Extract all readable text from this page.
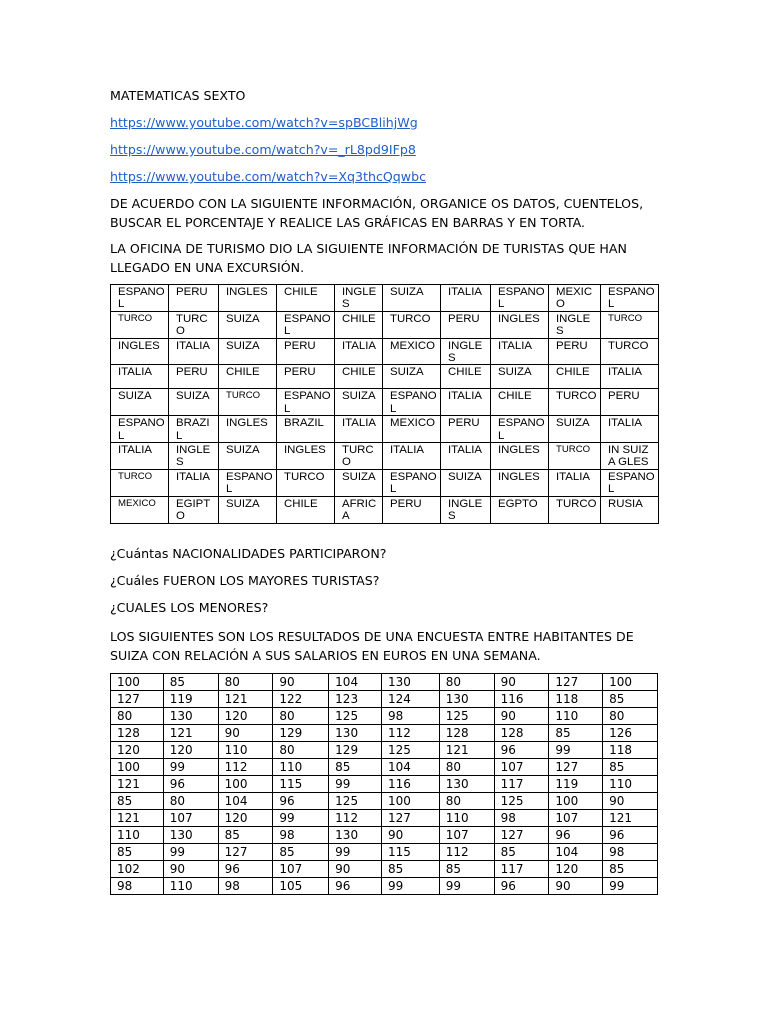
MATEMATICAS SEXTO

https://www.youtube.com/watch?v=spBCBlihjWg

https://www.youtube.com/watch?v=_rL8pd9IFp8

https://www.youtube.com/watch?v=Xq3thcQqwbc

DE ACUERDO CON LA SIGUIENTE INFORMACIÓN, ORGANICE OS DATOS, CUENTELOS, BUSCAR EL PORCENTAJE Y REALICE LAS GRÁFICAS EN BARRAS Y EN TORTA.

LA OFICINA DE TURISMO DIO LA SIGUIENTE INFORMACIÓN DE TURISTAS QUE HAN LLEGADO EN UNA EXCURSIÓN.

ESPANOL	PERU	INGLES	CHILE	INGLES	SUIZA	ITALIA	ESPANOL	MEXICO	ESPANOL
TURCO	TURCO	SUIZA	ESPANOL	CHILE	TURCO	PERU	INGLES	INGLES	TURCO
INGLES	ITALIA	SUIZA	PERU	ITALIA	MEXICO	INGLES	ITALIA	PERU	TURCO
ITALIA	PERU	CHILE	PERU	CHILE	SUIZA	CHILE	SUIZA	CHILE	ITALIA
SUIZA	SUIZA	TURCO	ESPANOL	SUIZA	ESPANOL	ITALIA	CHILE	TURCO	PERU
ESPANOL	BRAZIL	INGLES	BRAZIL	ITALIA	MEXICO	PERU	ESPANOL	SUIZA	ITALIA
ITALIA	INGLES	SUIZA	INGLES	TURCO	ITALIA	ITALIA	INGLES	TURCO	IN SUIZA GLES
TURCO	ITALIA	ESPANOL	TURCO	SUIZA	ESPANOL	SUIZA	INGLES	ITALIA	ESPANOL
MEXICO	EGIPTO	SUIZA	CHILE	AFRICA	PERU	INGLES	EGPTO	TURCO	RUSIA

¿Cuántas NACIONALIDADES PARTICIPARON?

¿Cuáles FUERON LOS MAYORES TURISTAS?

¿CUALES LOS MENORES?

LOS SIGUIENTES SON LOS RESULTADOS DE UNA ENCUESTA ENTRE HABITANTES DE SUIZA CON RELACIÓN A SUS SALARIOS EN EUROS EN UNA SEMANA.

100	85	80	90	104	130	80	90	127	100
127	119	121	122	123	124	130	116	118	85
80	130	120	80	125	98	125	90	110	80
128	121	90	129	130	112	128	128	85	126
120	120	110	80	129	125	121	96	99	118
100	99	112	110	85	104	80	107	127	85
121	96	100	115	99	116	130	117	119	110
85	80	104	96	125	100	80	125	100	90
121	107	120	99	112	127	110	98	107	121
110	130	85	98	130	90	107	127	96	96
85	99	127	85	99	115	112	85	104	98
102	90	96	107	90	85	85	117	120	85
98	110	98	105	96	99	99	96	90	99
